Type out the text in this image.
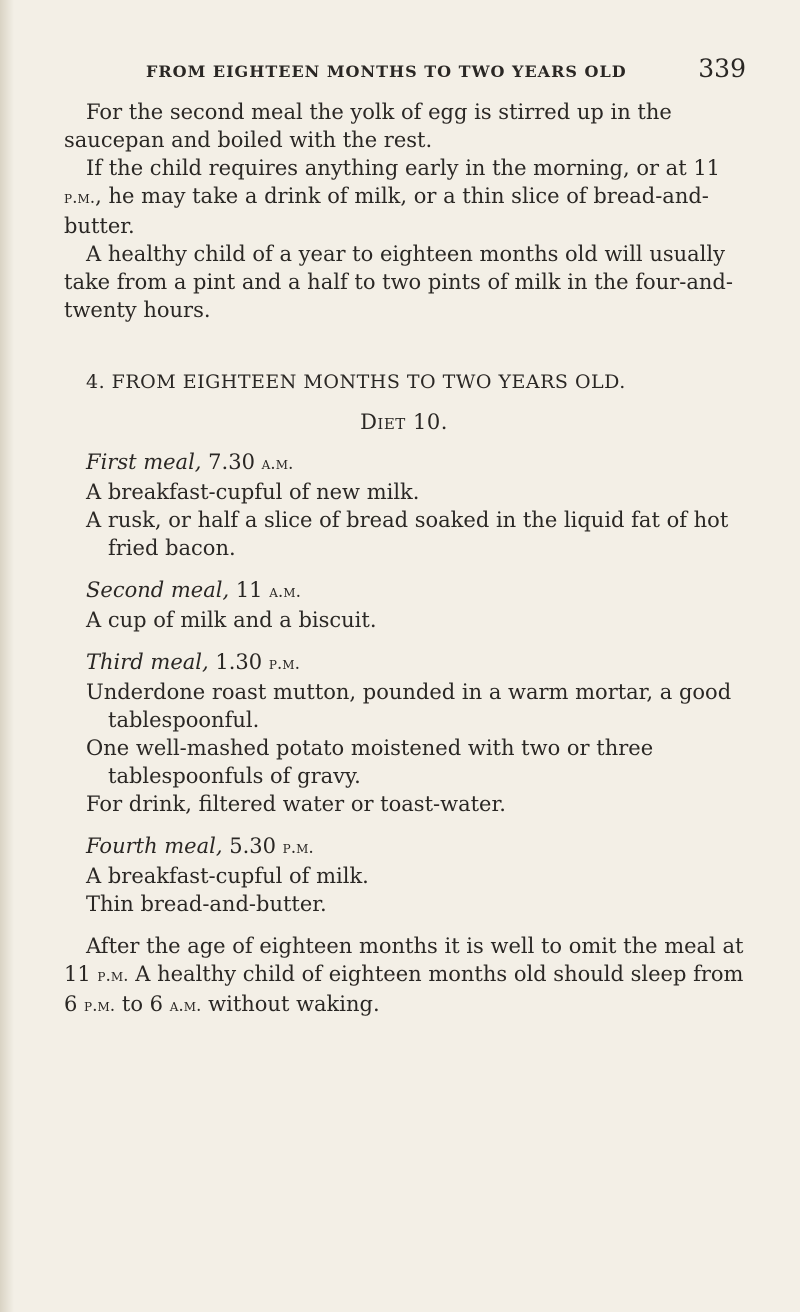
FROM EIGHTEEN MONTHS TO TWO YEARS OLD	339

For the second meal the yolk of egg is stirred up in the saucepan and boiled with the rest.

If the child requires anything early in the morning, or at 11 p.m., he may take a drink of milk, or a thin slice of bread-and-butter.

A healthy child of a year to eighteen months old will usually take from a pint and a half to two pints of milk in the four-and-twenty hours.

4. FROM EIGHTEEN MONTHS TO TWO YEARS OLD.

Diet 10.
First meal, 7.30 a.m.
A breakfast-cupful of new milk.
A rusk, or half a slice of bread soaked in the liquid fat of hot fried bacon.
Second meal, 11 a.m.
A cup of milk and a biscuit.
Third meal, 1.30 p.m.
Underdone roast mutton, pounded in a warm mortar, a good tablespoonful.
One well-mashed potato moistened with two or three tablespoonfuls of gravy.
For drink, filtered water or toast-water.
Fourth meal, 5.30 p.m.
A breakfast-cupful of milk.
Thin bread-and-butter.

After the age of eighteen months it is well to omit the meal at 11 p.m. A healthy child of eighteen months old should sleep from 6 p.m. to 6 a.m. without waking.
